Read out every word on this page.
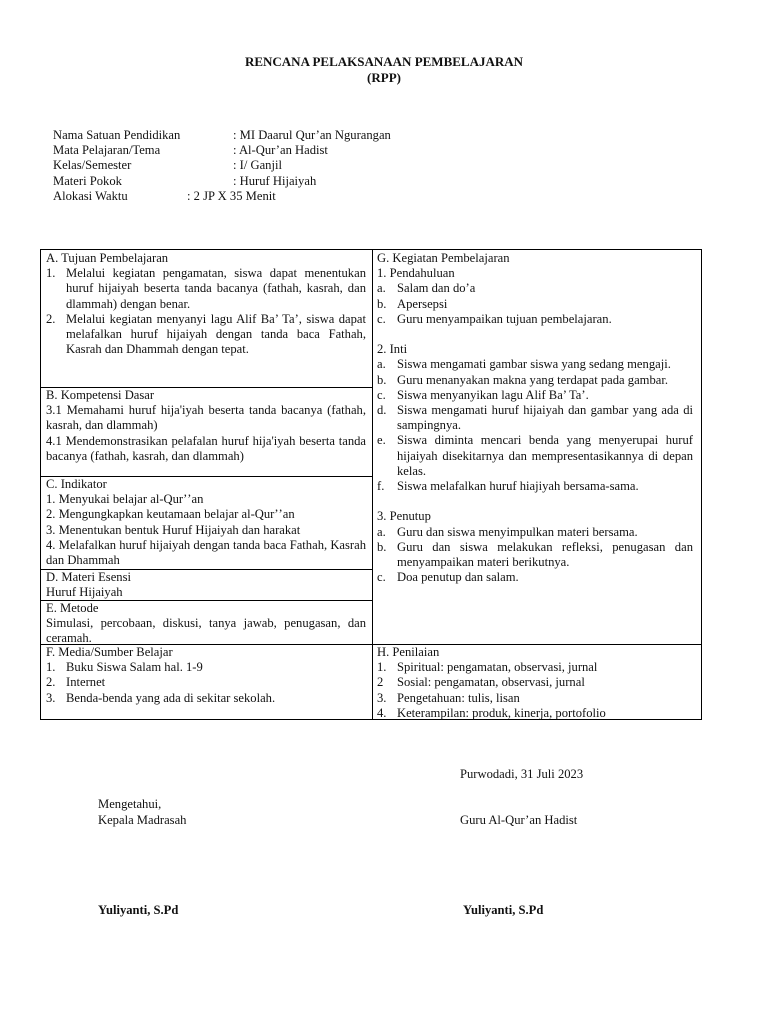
RENCANA PELAKSANAAN PEMBELAJARAN
(RPP)
Nama Satuan Pendidikan	: MI Daarul Qur’an Ngurangan
Mata Pelajaran/Tema	: Al-Qur’an Hadist
Kelas/Semester	: I/ Ganjil
Materi Pokok	: Huruf Hijaiyah
Alokasi Waktu	: 2 JP X 35 Menit

A. Tujuan Pembelajaran

1. Melalui kegiatan pengamatan, siswa dapat menentukan huruf hijaiyah beserta tanda bacanya (fathah, kasrah, dan dlammah) dengan benar.
2. Melalui kegiatan menyanyi lagu Alif Ba’ Ta’, siswa dapat melafalkan huruf hijaiyah dengan tanda baca Fathah, Kasrah dan Dhammah dengan tepat.

B. Kompetensi Dasar

3.1 Memahami huruf hija'iyah beserta tanda bacanya (fathah, kasrah, dan dlammah)

4.1 Mendemonstrasikan pelafalan huruf hija'iyah beserta tanda bacanya (fathah, kasrah, dan dlammah)

C. Indikator

1. Menyukai belajar al-Qurʼʼan

2. Mengungkapkan keutamaan belajar al-Qurʼʼan

3. Menentukan bentuk Huruf Hijaiyah dan harakat

4. Melafalkan huruf hijaiyah dengan tanda baca Fathah, Kasrah dan Dhammah

D. Materi Esensi

Huruf Hijaiyah

E. Metode

Simulasi, percobaan, diskusi, tanya jawab, penugasan, dan ceramah.

F. Media/Sumber Belajar

1. Buku Siswa Salam hal. 1-9
2. Internet
3. Benda-benda yang ada di sekitar sekolah.

G. Kegiatan Pembelajaran

1. Pendahuluan

a. Salam dan do’a
b. Apersepsi
c. Guru menyampaikan tujuan pembelajaran.

2. Inti

a. Siswa mengamati gambar siswa yang sedang mengaji.
b. Guru menanyakan makna yang terdapat pada gambar.
c. Siswa menyanyikan lagu Alif Ba’ Ta’.
d. Siswa mengamati huruf hijaiyah dan gambar yang ada di sampingnya.
e. Siswa diminta mencari benda yang menyerupai huruf hijaiyah disekitarnya dan mempresentasikannya di depan kelas.
f. Siswa melafalkan huruf hiajiyah bersama-sama.

3. Penutup

a. Guru dan siswa menyimpulkan materi bersama.
b. Guru dan siswa melakukan refleksi, penugasan dan menyampaikan materi berikutnya.
c. Doa penutup dan salam.

H. Penilaian

1. Spiritual: pengamatan, observasi, jurnal
2 Sosial: pengamatan, observasi, jurnal
3. Pengetahuan: tulis, lisan
4. Keterampilan: produk, kinerja, portofolio
Purwodadi, 31 Juli 2023
Mengetahui,
Kepala Madrasah	Guru Al-Qur’an Hadist
Yuliyanti, S.Pd	Yuliyanti, S.Pd
